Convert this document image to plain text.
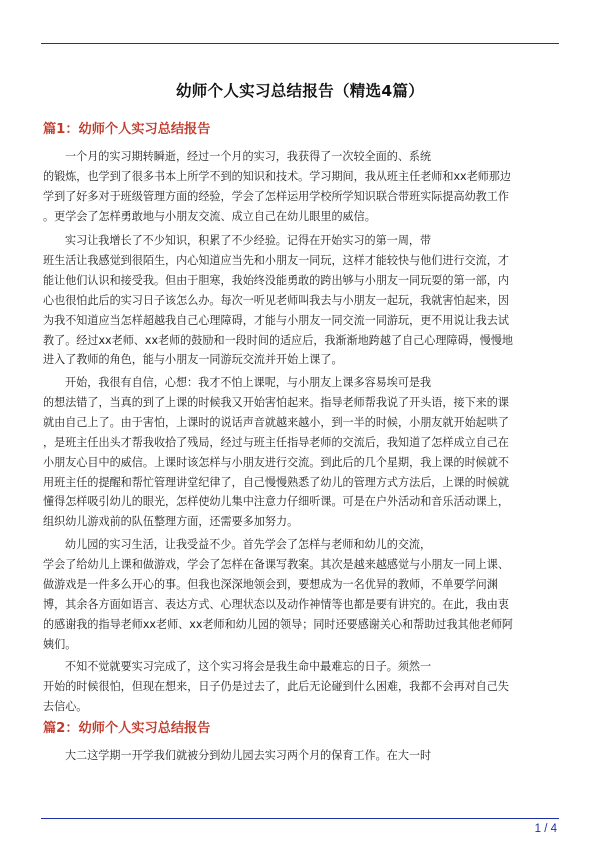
幼师个人实习总结报告（精选4篇）
篇1：幼师个人实习总结报告
一个月的实习期转瞬逝，经过一个月的实习，我获得了一次较全面的、系统
的锻炼，也学到了很多书本上所学不到的知识和技术。学习期间，我从班主任老师和xx老师那边
学到了好多对于班级管理方面的经验，学会了怎样运用学校所学知识联合带班实际提高幼教工作
。更学会了怎样勇敢地与小朋友交流、成立自己在幼儿眼里的威信。
实习让我增长了不少知识，积累了不少经验。记得在开始实习的第一周，带
班生活让我感觉到很陌生，内心知道应当先和小朋友一同玩，这样才能较快与他们进行交流，才
能让他们认识和接受我。但由于胆寒，我始终没能勇敢的跨出够与小朋友一同玩耍的第一部，内
心也很怕此后的实习日子该怎么办。每次一听见老师叫我去与小朋友一起玩，我就害怕起来，因
为我不知道应当怎样超越我自己心理障碍，才能与小朋友一同交流一同游玩，更不用说让我去试
教了。经过xx老师、xx老师的鼓励和一段时间的适应后，我渐渐地跨越了自己心理障碍，慢慢地
进入了教师的角色，能与小朋友一同游玩交流并开始上课了。
开始，我很有自信，心想：我才不怕上课呢，与小朋友上课多容易埃可是我
的想法错了，当真的到了上课的时候我又开始害怕起来。指导老师帮我说了开头语，接下来的课
就由自己上了。由于害怕，上课时的说话声音就越来越小，到一半的时候，小朋友就开始起哄了
，是班主任出头才帮我收拾了残局，经过与班主任指导老师的交流后，我知道了怎样成立自己在
小朋友心目中的威信。上课时该怎样与小朋友进行交流。到此后的几个星期，我上课的时候就不
用班主任的提醒和帮忙管理讲堂纪律了，自己慢慢熟悉了幼儿的管理方式方法后，上课的时候就
懂得怎样吸引幼儿的眼光，怎样使幼儿集中注意力仔细听课。可是在户外活动和音乐活动课上，
组织幼儿游戏前的队伍整理方面，还需要多加努力。
幼儿园的实习生活，让我受益不少。首先学会了怎样与老师和幼儿的交流，
学会了给幼儿上课和做游戏，学会了怎样在备课写教案。其次是越来越感觉与小朋友一同上课、
做游戏是一件多么开心的事。但我也深深地领会到，要想成为一名优异的教师，不单要学问渊
博，其余各方面如语言、表达方式、心理状态以及动作神情等也都是要有讲究的。在此，我由衷
的感谢我的指导老师xx老师、xx老师和幼儿园的领导；同时还要感谢关心和帮助过我其他老师阿
姨们。
不知不觉就要实习完成了，这个实习将会是我生命中最难忘的日子。须然一
开始的时候很怕，但现在想来，日子仍是过去了，此后无论碰到什么困难，我都不会再对自己失
去信心。
篇2：幼师个人实习总结报告
大二这学期一开学我们就被分到幼儿园去实习两个月的保育工作。在大一时
1 / 4
